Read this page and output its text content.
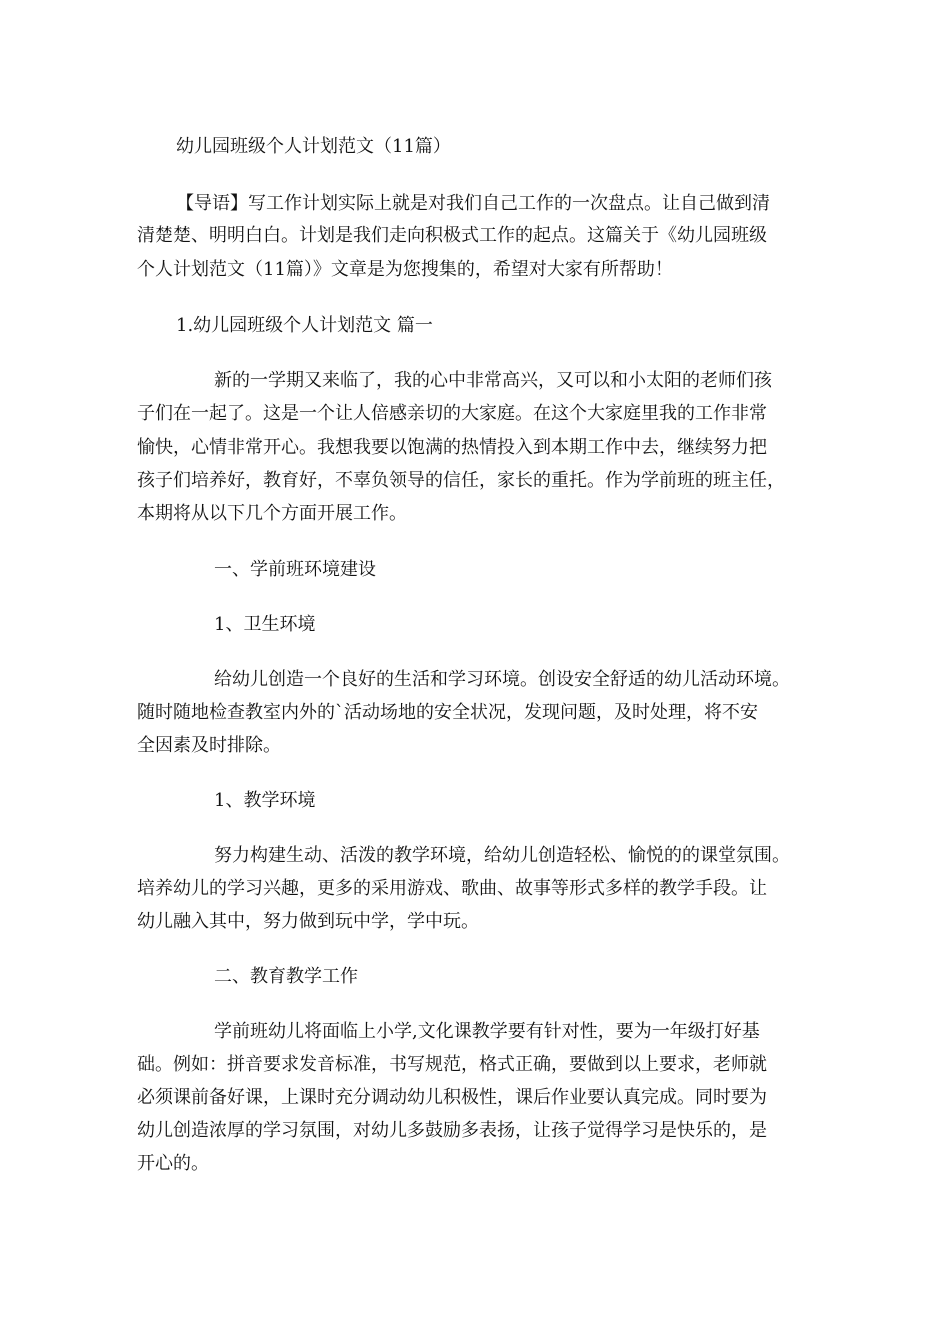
幼儿园班级个人计划范文（11篇）
【导语】写工作计划实际上就是对我们自己工作的一次盘点。让自己做到清
清楚楚、明明白白。计划是我们走向积极式工作的起点。这篇关于《幼儿园班级
个人计划范文（11篇）》文章是为您搜集的，希望对大家有所帮助！
1.幼儿园班级个人计划范文 篇一
新的一学期又来临了，我的心中非常高兴，又可以和小太阳的老师们孩
子们在一起了。这是一个让人倍感亲切的大家庭。在这个大家庭里我的工作非常
愉快，心情非常开心。我想我要以饱满的热情投入到本期工作中去，继续努力把
孩子们培养好，教育好，不辜负领导的信任，家长的重托。作为学前班的班主任，
本期将从以下几个方面开展工作。
一、学前班环境建设
1、卫生环境
给幼儿创造一个良好的生活和学习环境。创设安全舒适的幼儿活动环境。
随时随地检查教室内外的`活动场地的安全状况，发现问题，及时处理，将不安
全因素及时排除。
1、教学环境
努力构建生动、活泼的教学环境，给幼儿创造轻松、愉悦的的课堂氛围。
培养幼儿的学习兴趣，更多的采用游戏、歌曲、故事等形式多样的教学手段。让
幼儿融入其中，努力做到玩中学，学中玩。
二、教育教学工作
学前班幼儿将面临上小学,文化课教学要有针对性，要为一年级打好基
础。例如：拼音要求发音标准，书写规范，格式正确，要做到以上要求，老师就
必须课前备好课，上课时充分调动幼儿积极性，课后作业要认真完成。同时要为
幼儿创造浓厚的学习氛围，对幼儿多鼓励多表扬，让孩子觉得学习是快乐的，是
开心的。
